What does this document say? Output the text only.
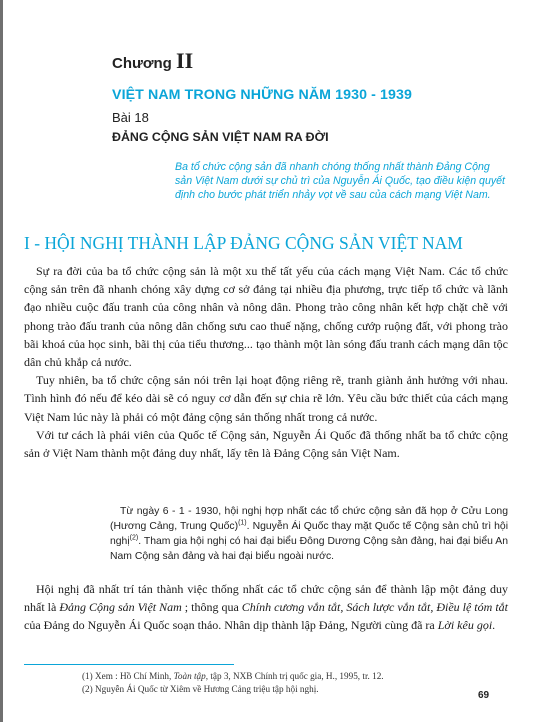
Chương II
VIỆT NAM TRONG NHỮNG NĂM 1930 - 1939
Bài 18
ĐẢNG CỘNG SẢN VIỆT NAM RA ĐỜI
Ba tổ chức cộng sản đã nhanh chóng thống nhất thành Đảng Cộng sản Việt Nam dưới sự chủ trì của Nguyễn Ái Quốc, tạo điều kiện quyết định cho bước phát triển nhảy vọt về sau của cách mạng Việt Nam.
I - HỘI NGHỊ THÀNH LẬP ĐẢNG CỘNG SẢN VIỆT NAM

Sự ra đời của ba tổ chức cộng sản là một xu thế tất yếu của cách mạng Việt Nam. Các tổ chức cộng sản trên đã nhanh chóng xây dựng cơ sở đảng tại nhiều địa phương, trực tiếp tổ chức và lãnh đạo nhiều cuộc đấu tranh của công nhân và nông dân. Phong trào công nhân kết hợp chặt chẽ với phong trào đấu tranh của nông dân chống sưu cao thuế nặng, chống cướp ruộng đất, với phong trào bãi khoá của học sinh, bãi thị của tiểu thương... tạo thành một làn sóng đấu tranh cách mạng dân tộc dân chủ khắp cả nước.

Tuy nhiên, ba tổ chức cộng sản nói trên lại hoạt động riêng rẽ, tranh giành ảnh hưởng với nhau. Tình hình đó nếu để kéo dài sẽ có nguy cơ dẫn đến sự chia rẽ lớn. Yêu cầu bức thiết của cách mạng Việt Nam lúc này là phải có một đảng cộng sản thống nhất trong cả nước.

Với tư cách là phái viên của Quốc tế Cộng sản, Nguyễn Ái Quốc đã thống nhất ba tổ chức cộng sản ở Việt Nam thành một đảng duy nhất, lấy tên là Đảng Cộng sản Việt Nam.

Từ ngày 6 - 1 - 1930, hội nghị hợp nhất các tổ chức cộng sản đã họp ở Cửu Long (Hương Cảng, Trung Quốc)$^{(1)}$. Nguyễn Ái Quốc thay mặt Quốc tế Cộng sản chủ trì hội nghị$^{(2)}$. Tham gia hội nghị có hai đại biểu Đông Dương Cộng sản đảng, hai đại biểu An Nam Cộng sản đảng và hai đại biểu ngoài nước.

Hội nghị đã nhất trí tán thành việc thống nhất các tổ chức cộng sản để thành lập một đảng duy nhất là Đảng Cộng sản Việt Nam ; thông qua Chính cương vắn tắt, Sách lược vắn tắt, Điều lệ tóm tắt của Đảng do Nguyễn Ái Quốc soạn thảo. Nhân dịp thành lập Đảng, Người cùng đã ra Lời kêu gọi.

(1) Xem : Hồ Chí Minh, Toàn tập, tập 3, NXB Chính trị quốc gia, H., 1995, tr. 12.
(2) Nguyễn Ái Quốc từ Xiêm về Hương Cảng triệu tập hội nghị.
69
